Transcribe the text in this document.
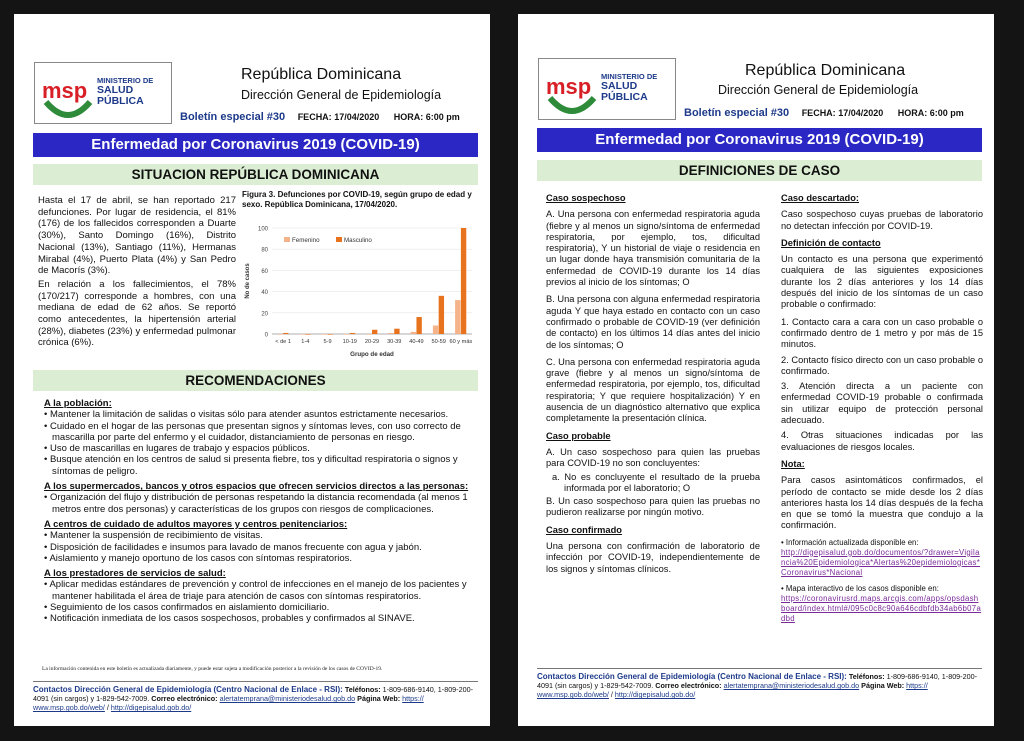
msp MINISTERIO DE
SALUD PÚBLICA
República Dominicana
Dirección General de Epidemiología
Boletín especial #30 FECHA: 17/04/2020 HORA: 6:00 pm
Enfermedad por Coronavirus 2019 (COVID-19)
SITUACION REPÚBLICA DOMINICANA

Hasta el 17 de abril, se han reportado 217 defunciones. Por lugar de residencia, el 81% (176) de los fallecidos corresponden a Duarte (30%), Santo Domingo (16%), Distrito Nacional (13%), Santiago (11%), Hermanas Mirabal (4%), Puerto Plata (4%) y San Pedro de Macorís (3%).

En relación a los fallecimientos, el 78% (170/217) corresponde a hombres, con una mediana de edad de 62 años. Se reportó como antecedentes, la hipertensión arterial (28%), diabetes (23%) y enfermedad pulmonar crónica (6%).

Figura 3. Defunciones por COVID-19, según grupo de edad y sexo. República Dominicana, 17/04/2020.
0
20
40
60
80
100
< de 1 1-4	5-9 10-19 20-29 30-39 40-49 50-59 60 y más
No de casos
Grupo de edad
Femenino	Masculino
RECOMENDACIONES
A la población:
• Mantener la limitación de salidas o visitas sólo para atender asuntos estrictamente necesarios.
• Cuidado en el hogar de las personas que presentan signos y síntomas leves, con uso correcto de mascarilla por parte del enfermo y el cuidador, distanciamiento de personas en riesgo.
• Uso de mascarillas en lugares de trabajo y espacios públicos.
• Busque atención en los centros de salud si presenta fiebre, tos y dificultad respiratoria o signos y síntomas de peligro.
A los supermercados, bancos y otros espacios que ofrecen servicios directos a las personas:
• Organización del flujo y distribución de personas respetando la distancia recomendada (al menos 1 metros entre dos personas) y características de los grupos con riesgos de complicaciones.
A centros de cuidado de adultos mayores y centros penitenciarios:
• Mantener la suspensión de recibimiento de visitas.
• Disposición de facilidades e insumos para lavado de manos frecuente con agua y jabón.
• Aislamiento y manejo oportuno de los casos con síntomas respiratorios.
A los prestadores de servicios de salud:
• Aplicar medidas estándares de prevención y control de infecciones en el manejo de los pacientes y mantener habilitada el área de triaje para atención de casos con síntomas respiratorios.
• Seguimiento de los casos confirmados en aislamiento domiciliario.
• Notificación inmediata de los casos sospechosos, probables y confirmados al SINAVE.
La información contenida en este boletín es actualizada diariamente, y puede estar sujeta a modificación posterior a la revisión de los casos de COVID-19.
Contactos Dirección General de Epidemiología (Centro Nacional de Enlace - RSI): Teléfonos: 1-809-686-9140, 1-809-200-4091 (sin cargos) y 1-829-542-7009. Correo electrónico: alertatemprana@ministeriodesalud.gob.do Página Web: https:// www.msp.gob.do/web/ / http://digepisalud.gob.do/
msp MINISTERIO DE
SALUD PÚBLICA
República Dominicana
Dirección General de Epidemiología
Boletín especial #30 FECHA: 17/04/2020 HORA: 6:00 pm
Enfermedad por Coronavirus 2019 (COVID-19)
DEFINICIONES DE CASO
Caso sospechoso

A. Una persona con enfermedad respiratoria aguda (fiebre y al menos un signo/síntoma de enfermedad respiratoria, por ejemplo, tos, dificultad respiratoria), Y un historial de viaje o residencia en un lugar donde haya transmisión comunitaria de la enfermedad de COVID-19 durante los 14 días previos al inicio de los síntomas; O

B. Una persona con alguna enfermedad respiratoria aguda Y que haya estado en contacto con un caso confirmado o probable de COVID-19 (ver definición de contacto) en los últimos 14 días antes del inicio de los síntomas; O

C. Una persona con enfermedad respiratoria aguda grave (fiebre y al menos un signo/síntoma de enfermedad respiratoria, por ejemplo, tos, dificultad respiratoria; Y que requiere hospitalización) Y en ausencia de un diagnóstico alternativo que explica completamente la presentación clínica.

Caso probable

A. Un caso sospechoso para quien las pruebas para COVID-19 no son concluyentes:

a. No es concluyente el resultado de la prueba informada por el laboratorio; O

B. Un caso sospechoso para quien las pruebas no pudieron realizarse por ningún motivo.

Caso confirmado

Una persona con confirmación de laboratorio de infección por COVID-19, independientemente de los signos y síntomas clínicos.

Caso descartado:

Caso sospechoso cuyas pruebas de laboratorio no detectan infección por COVID-19.

Definición de contacto

Un contacto es una persona que experimentó cualquiera de las siguientes exposiciones durante los 2 días anteriores y los 14 días después del inicio de los síntomas de un caso probable o confirmado:

1. Contacto cara a cara con un caso probable o confirmado dentro de 1 metro y por más de 15 minutos.

2. Contacto físico directo con un caso probable o confirmado.

3. Atención directa a un paciente con enfermedad COVID-19 probable o confirmada sin utilizar equipo de protección personal adecuado.

4. Otras situaciones indicadas por las evaluaciones de riesgos locales.

Nota:

Para casos asintomáticos confirmados, el período de contacto se mide desde los 2 días anteriores hasta los 14 días después de la fecha en que se tomó la muestra que condujo a la confirmación.

• Información actualizada disponible en:
http://digepisalud.gob.do/documentos/?drawer=Vigilancia%20Epidemiologica*Alertas%20epidemiologicas*Coronavirus*Nacional
• Mapa interactivo de los casos disponible en:
https://coronavirusrd.maps.arcgis.com/apps/opsdashboard/index.html#/095c0c8c90a646cdbfdb34ab6b07adbd
Contactos Dirección General de Epidemiología (Centro Nacional de Enlace - RSI): Teléfonos: 1-809-686-9140, 1-809-200-4091 (sin cargos) y 1-829-542-7009. Correo electrónico: alertatemprana@ministeriodesalud.gob.do Página Web: https:// www.msp.gob.do/web/ / http://digepisalud.gob.do/
